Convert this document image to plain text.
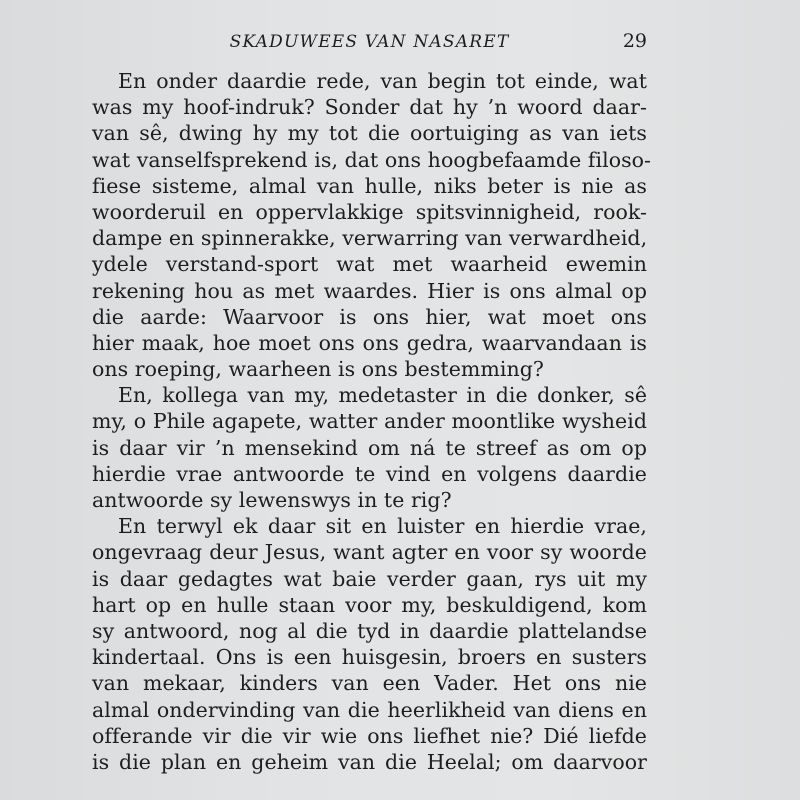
SKADUWEES VAN NASARET	29
En onder daardie rede, van begin tot einde, wat
was my hoof-indruk? Sonder dat hy ’n woord daar-
van sê, dwing hy my tot die oortuiging as van iets
wat vanselfsprekend is, dat ons hoogbefaamde filoso-
fiese sisteme, almal van hulle, niks beter is nie as
woorderuil en oppervlakkige spitsvinnigheid, rook-
dampe en spinnerakke, verwarring van verwardheid,
ydele verstand-sport wat met waarheid ewemin
rekening hou as met waardes. Hier is ons almal op
die aarde: Waarvoor is ons hier, wat moet ons
hier maak, hoe moet ons ons gedra, waarvandaan is
ons roeping, waarheen is ons bestemming?
En, kollega van my, medetaster in die donker, sê
my, o Phile agapete, watter ander moontlike wysheid
is daar vir ’n mensekind om ná te streef as om op
hierdie vrae antwoorde te vind en volgens daardie
antwoorde sy lewenswys in te rig?
En terwyl ek daar sit en luister en hierdie vrae,
ongevraag deur Jesus, want agter en voor sy woorde
is daar gedagtes wat baie verder gaan, rys uit my
hart op en hulle staan voor my, beskuldigend, kom
sy antwoord, nog al die tyd in daardie plattelandse
kindertaal. Ons is een huisgesin, broers en susters
van mekaar, kinders van een Vader. Het ons nie
almal ondervinding van die heerlikheid van diens en
offerande vir die vir wie ons liefhet nie? Dié liefde
is die plan en geheim van die Heelal; om daarvoor
